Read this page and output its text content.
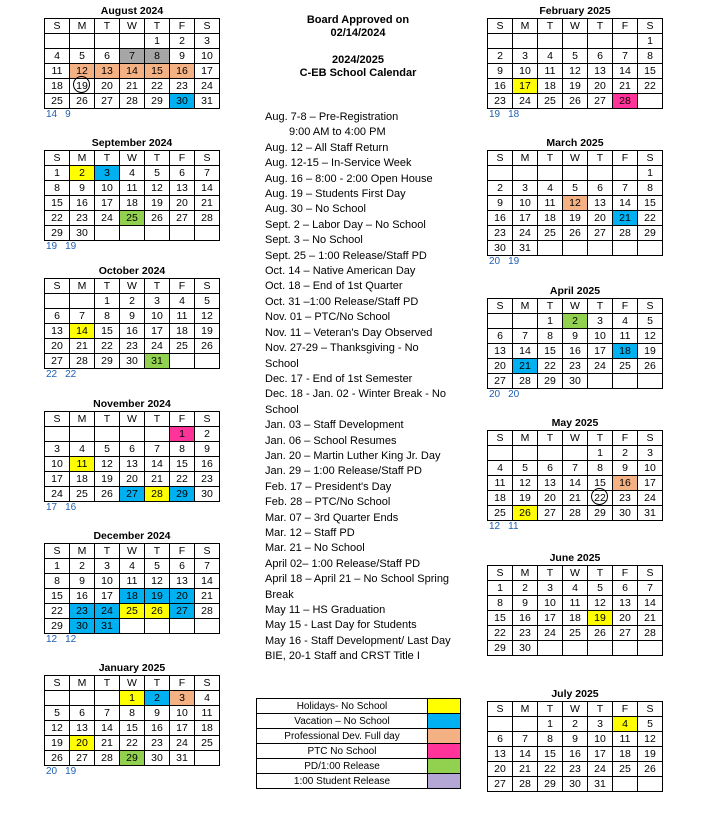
August 2024
S	M	T	W	T	F	S
				1	2	3
4	5	6	7	8	9	10
11	12	13	14	15	16	17
18	19	20	21	22	23	24
25	26	27	28	29	30	31
14 9
September 2024
S	M	T	W	T	F	S
1	2	3	4	5	6	7
8	9	10	11	12	13	14
15	16	17	18	19	20	21
22	23	24	25	26	27	28
29	30					
19 19
October 2024
S	M	T	W	T	F	S
		1	2	3	4	5
6	7	8	9	10	11	12
13	14	15	16	17	18	19
20	21	22	23	24	25	26
27	28	29	30	31		
22 22
November 2024
S	M	T	W	T	F	S
					1	2
3	4	5	6	7	8	9
10	11	12	13	14	15	16
17	18	19	20	21	22	23
24	25	26	27	28	29	30
17 16
December 2024
S	M	T	W	T	F	S
1	2	3	4	5	6	7
8	9	10	11	12	13	14
15	16	17	18	19	20	21
22	23	24	25	26	27	28
29	30	31				
12 12
January 2025
S	M	T	W	T	F	S
			1	2	3	4
5	6	7	8	9	10	11
12	13	14	15	16	17	18
19	20	21	22	23	24	25
26	27	28	29	30	31	
20 19
February 2025
S	M	T	W	T	F	S
						1
2	3	4	5	6	7	8
9	10	11	12	13	14	15
16	17	18	19	20	21	22
23	24	25	26	27	28	
19 18
March 2025
S	M	T	W	T	F	S
						1
2	3	4	5	6	7	8
9	10	11	12	13	14	15
16	17	18	19	20	21	22
23	24	25	26	27	28	29
30	31					
20 19
April 2025
S	M	T	W	T	F	S
		1	2	3	4	5
6	7	8	9	10	11	12
13	14	15	16	17	18	19
20	21	22	23	24	25	26
27	28	29	30			
20 20
May 2025
S	M	T	W	T	F	S
				1	2	3
4	5	6	7	8	9	10
11	12	13	14	15	16	17
18	19	20	21	22	23	24
25	26	27	28	29	30	31
12 11
June 2025
S	M	T	W	T	F	S
1	2	3	4	5	6	7
8	9	10	11	12	13	14
15	16	17	18	19	20	21
22	23	24	25	26	27	28
29	30					
July 2025
S	M	T	W	T	F	S
		1	2	3	4	5
6	7	8	9	10	11	12
13	14	15	16	17	18	19
20	21	22	23	24	25	26
27	28	29	30	31		
Board Approved on
02/14/2024
2024/2025
C-EB School Calendar
Aug. 7-8 – Pre-Registration
9:00 AM to 4:00 PM
Aug. 12 – All Staff Return
Aug. 12-15 – In-Service Week
Aug. 16 – 8:00 - 2:00 Open House
Aug. 19 – Students First Day
Aug. 30 – No School
Sept. 2 – Labor Day – No School
Sept. 3 – No School
Sept. 25 – 1:00 Release/Staff PD
Oct. 14 – Native American Day
Oct. 18 – End of 1st Quarter
Oct. 31 –1:00 Release/Staff PD
Nov. 01 – PTC/No School
Nov. 11 – Veteran's Day Observed
Nov. 27-29 – Thanksgiving - No School
Dec. 17 - End of 1st Semester
Dec. 18 - Jan. 02 - Winter Break - No School
Jan. 03 – Staff Development
Jan. 06 – School Resumes
Jan. 20 – Martin Luther King Jr. Day
Jan. 29 – 1:00 Release/Staff PD
Feb. 17 – President's Day
Feb. 28 – PTC/No School
Mar. 07 – 3rd Quarter Ends
Mar. 12 – Staff PD
Mar. 21 – No School
April 02– 1:00 Release/Staff PD
April 18 – April 21 – No School Spring Break
May 11 – HS Graduation
May 15 - Last Day for Students
May 16 - Staff Development/ Last Day BIE, 20-1 Staff and CRST Title I
Holidays- No School	
Vacation – No School	
Professional Dev. Full day	
PTC No School	
PD/1:00 Release	
1:00 Student Release	
